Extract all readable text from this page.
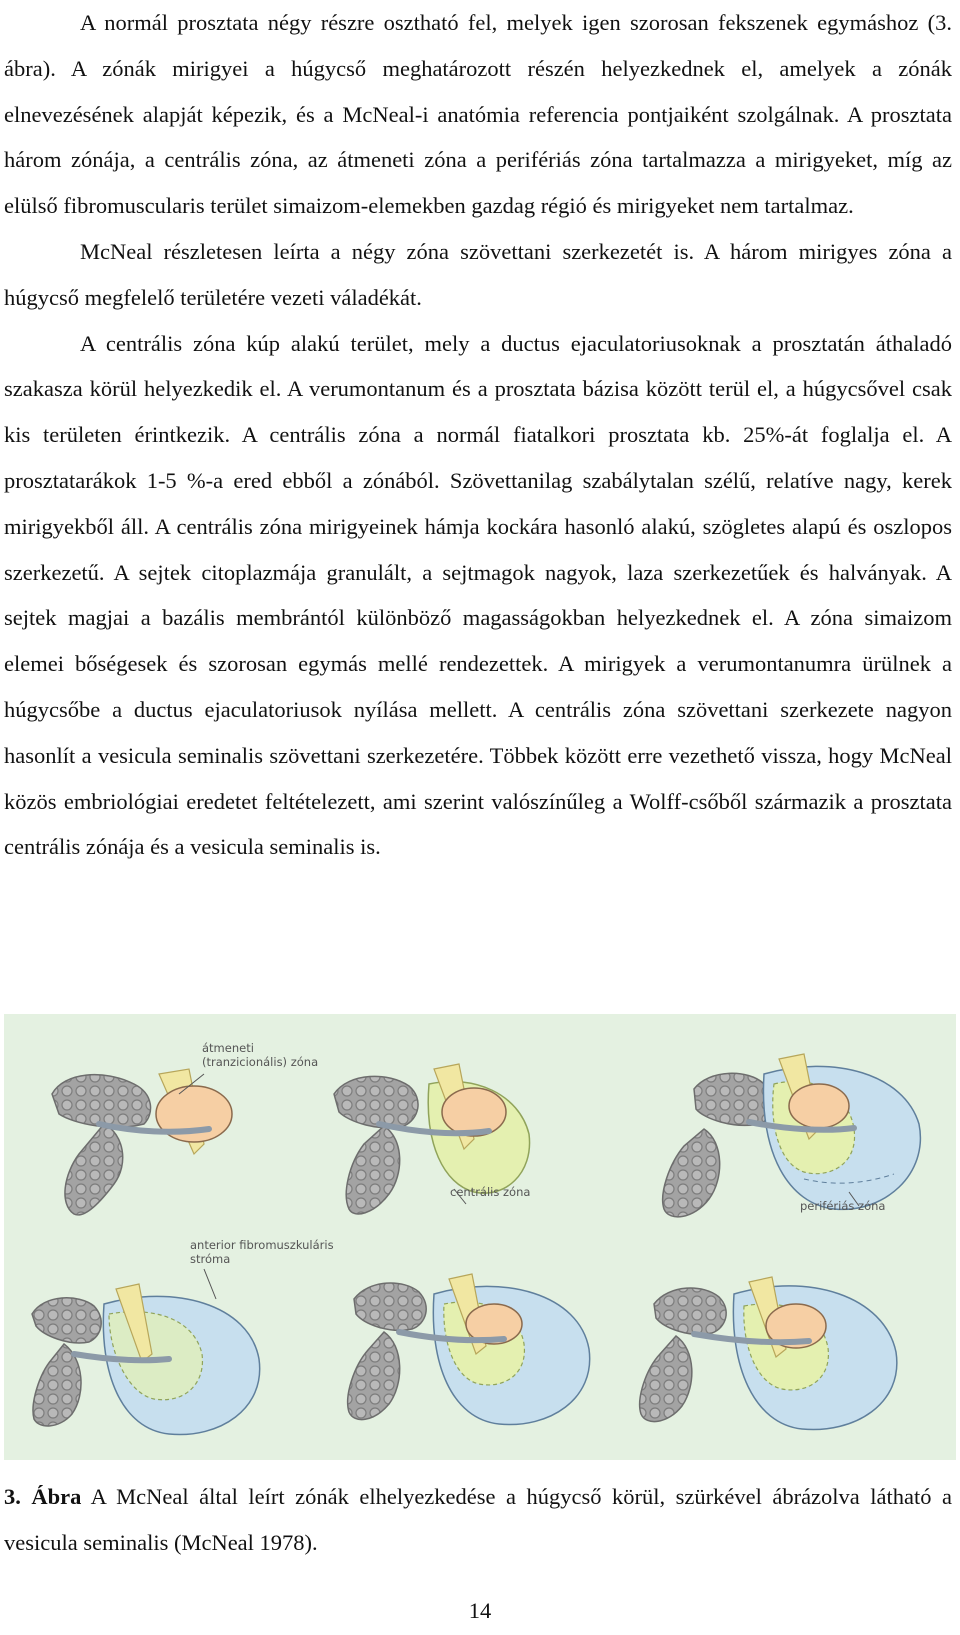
A normál prosztata négy részre osztható fel, melyek igen szorosan fekszenek egymáshoz (3. ábra). A zónák mirigyei a húgycső meghatározott részén helyezkednek el, amelyek a zónák elnevezésének alapját képezik, és a McNeal-i anatómia referencia pontjaiként szolgálnak. A prosztata három zónája, a centrális zóna, az átmeneti zóna a perifériás zóna tartalmazza a mirigyeket, míg az elülső fibromuscularis terület simaizom-elemekben gazdag régió és mirigyeket nem tartalmaz.

McNeal részletesen leírta a négy zóna szövettani szerkezetét is. A három mirigyes zóna a húgycső megfelelő területére vezeti váladékát.

A centrális zóna kúp alakú terület, mely a ductus ejaculatoriusoknak a prosztatán áthaladó szakasza körül helyezkedik el. A verumontanum és a prosztata bázisa között terül el, a húgycsővel csak kis területen érintkezik. A centrális zóna a normál fiatalkori prosztata kb. 25%-át foglalja el. A prosztatarákok 1-5 %-a ered ebből a zónából. Szövettanilag szabálytalan szélű, relatíve nagy, kerek mirigyekből áll. A centrális zóna mirigyeinek hámja kockára hasonló alakú, szögletes alapú és oszlopos szerkezetű. A sejtek citoplazmája granulált, a sejtmagok nagyok, laza szerkezetűek és halványak. A sejtek magjai a bazális membrántól különböző magasságokban helyezkednek el. A zóna simaizom elemei bőségesek és szorosan egymás mellé rendezettek. A mirigyek a verumontanumra ürülnek a húgycsőbe a ductus ejaculatoriusok nyílása mellett. A centrális zóna szövettani szerkezete nagyon hasonlít a vesicula seminalis szövettani szerkezetére. Többek között erre vezethető vissza, hogy McNeal közös embriológiai eredetet feltételezett, ami szerint valószínűleg a Wolff-csőből származik a prosztata centrális zónája és a vesicula seminalis is.

átmeneti
(tranzicionális) zóna
centrális zóna
perifériás zóna
anterior fibromuszkuláris
stróma
3. Ábra A McNeal által leírt zónák elhelyezkedése a húgycső körül, szürkével ábrázolva látható a vesicula seminalis (McNeal 1978).
14
